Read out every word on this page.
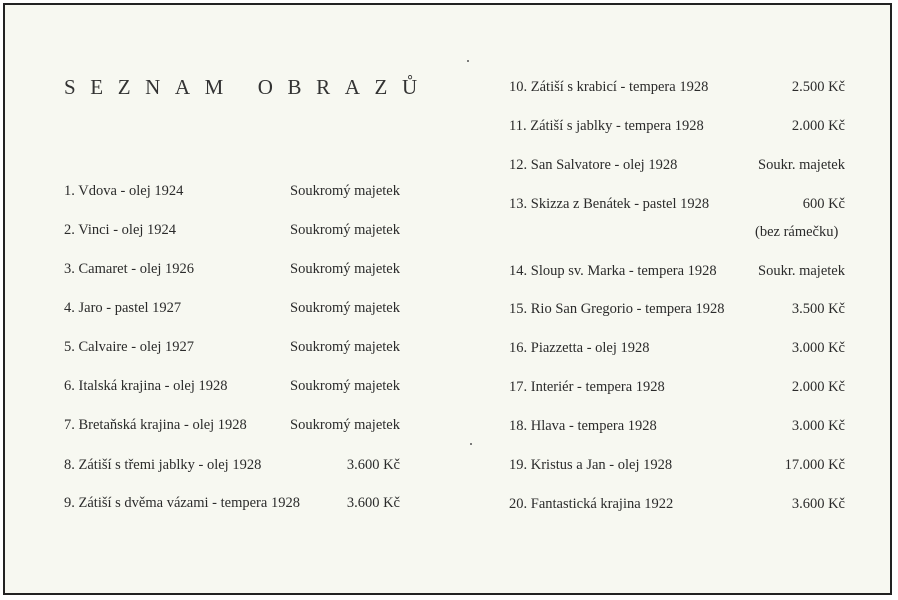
SEZNAM OBRAZŮ
1. Vdova - olej 1924	Soukromý majetek
2. Vinci - olej 1924	Soukromý majetek
3. Camaret - olej 1926	Soukromý majetek
4. Jaro - pastel 1927	Soukromý majetek
5. Calvaire - olej 1927	Soukromý majetek
6. Italská krajina - olej 1928	Soukromý majetek
7. Bretaňská krajina - olej 1928	Soukromý majetek
8. Zátiší s třemi jablky - olej 1928	3.600 Kč
9. Zátiší s dvěma vázami - tempera 1928	3.600 Kč
10. Zátiší s krabicí - tempera 1928	2.500 Kč
11. Zátiší s jablky - tempera 1928	2.000 Kč
12. San Salvatore - olej 1928	Soukr. majetek
13. Skizza z Benátek - pastel 1928	600 Kč
(bez rámečku)
14. Sloup sv. Marka - tempera 1928	Soukr. majetek
15. Rio San Gregorio - tempera 1928	3.500 Kč
16. Piazzetta - olej 1928	3.000 Kč
17. Interiér - tempera 1928	2.000 Kč
18. Hlava - tempera 1928	3.000 Kč
19. Kristus a Jan - olej 1928	17.000 Kč
20. Fantastická krajina 1922	3.600 Kč
